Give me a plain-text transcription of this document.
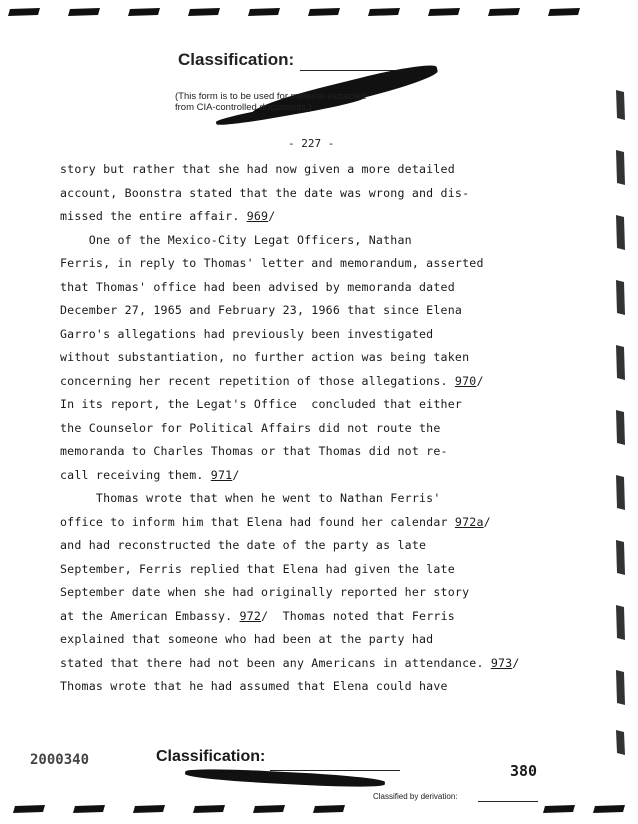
Classification:
(This form is to be used for material extracted
from CIA-controlled documents.)
- 227 -
story but rather that she had now given a more detailed
account, Boonstra stated that the date was wrong and dis-
missed the entire affair. 969/
One of the Mexico-City Legat Officers, Nathan
Ferris, in reply to Thomas' letter and memorandum, asserted
that Thomas' office had been advised by memoranda dated
December 27, 1965 and February 23, 1966 that since Elena
Garro's allegations had previously been investigated
without substantiation, no further action was being taken
concerning her recent repetition of those allegations. 970/
In its report, the Legat's Office  concluded that either
the Counselor for Political Affairs did not route the
memoranda to Charles Thomas or that Thomas did not re-
call receiving them. 971/
Thomas wrote that when he went to Nathan Ferris'
office to inform him that Elena had found her calendar 972a/
and had reconstructed the date of the party as late
September, Ferris replied that Elena had given the late
September date when she had originally reported her story
at the American Embassy. 972/  Thomas noted that Ferris
explained that someone who had been at the party had
stated that there had not been any Americans in attendance. 973/
Thomas wrote that he had assumed that Elena could have
2000340	Classification:
380
Classified by derivation:
